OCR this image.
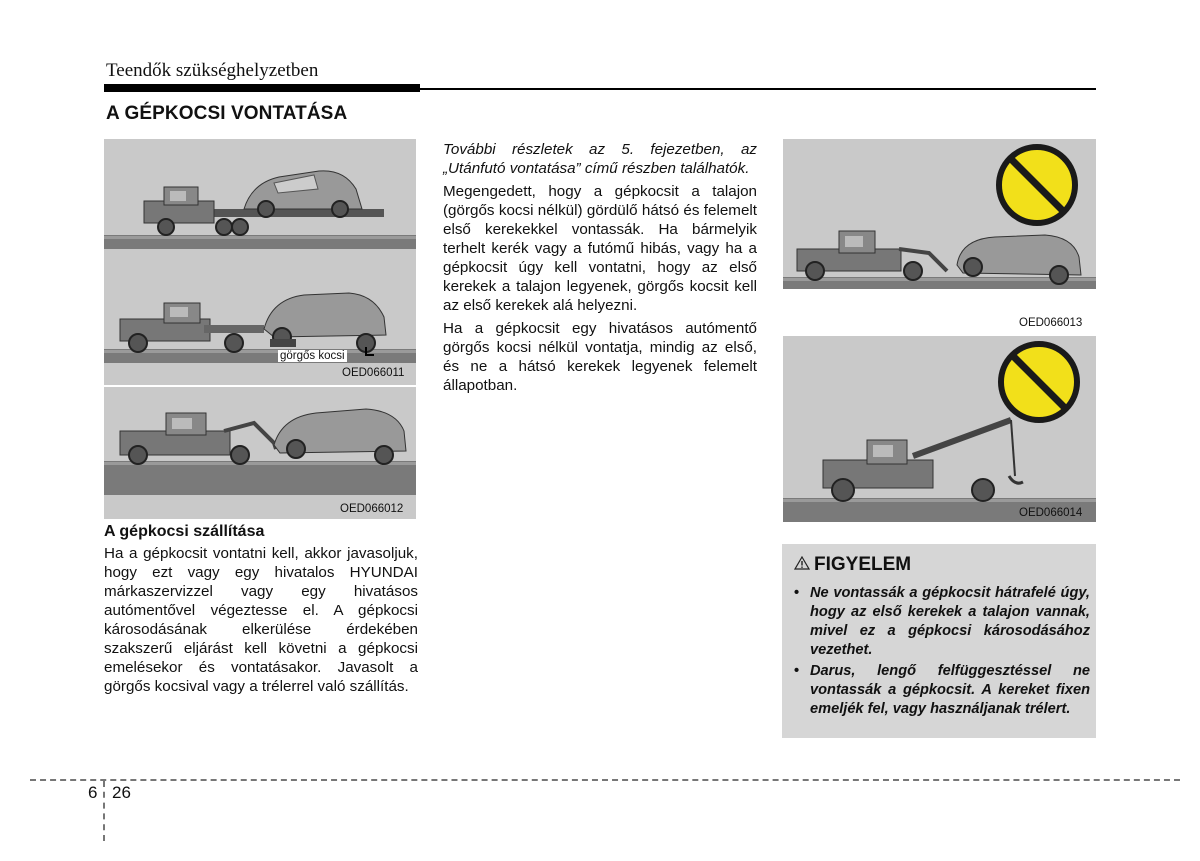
Teendők szükséghelyzetben
A GÉPKOCSI VONTATÁSA
görgős kocsi
OED066011
OED066012
OED066013
OED066014
A gépkocsi szállítása

Ha a gépkocsit vontatni kell, akkor javasoljuk, hogy ezt vagy egy hivatalos HYUNDAI márkaszervizzel vagy egy hivatásos autómentővel végeztesse el. A gépkocsi károsodásának elkerülése érdekében szakszerű eljárást kell követni a gépkocsi emelésekor és vontatásakor. Javasolt a görgős kocsival vagy a trélerrel való szállítás.

További részletek az 5. fejezetben, az „Utánfutó vontatása” című részben találhatók.

Megengedett, hogy a gépkocsit a talajon (görgős kocsi nélkül) gördülő hátsó és felemelt első kerekekkel vontassák. Ha bármelyik terhelt kerék vagy a futómű hibás, vagy ha a gépkocsit úgy kell vontatni, hogy az első kerekek a talajon legyenek, görgős kocsit kell az első kerekek alá helyezni.

Ha a gépkocsit egy hivatásos autómentő görgős kocsi nélkül vontatja, mindig az első, és ne a hátsó kerekek legyenek felemelt állapotban.

FIGYELEM
• Ne vontassák a gépkocsit hátrafelé úgy, hogy az első kerekek a talajon vannak, mivel ez a gépkocsi károsodásához vezethet.
• Darus, lengő felfüggesztéssel ne vontassák a gépkocsit. A kereket fixen emeljék fel, vagy használjanak trélert.
6 26
